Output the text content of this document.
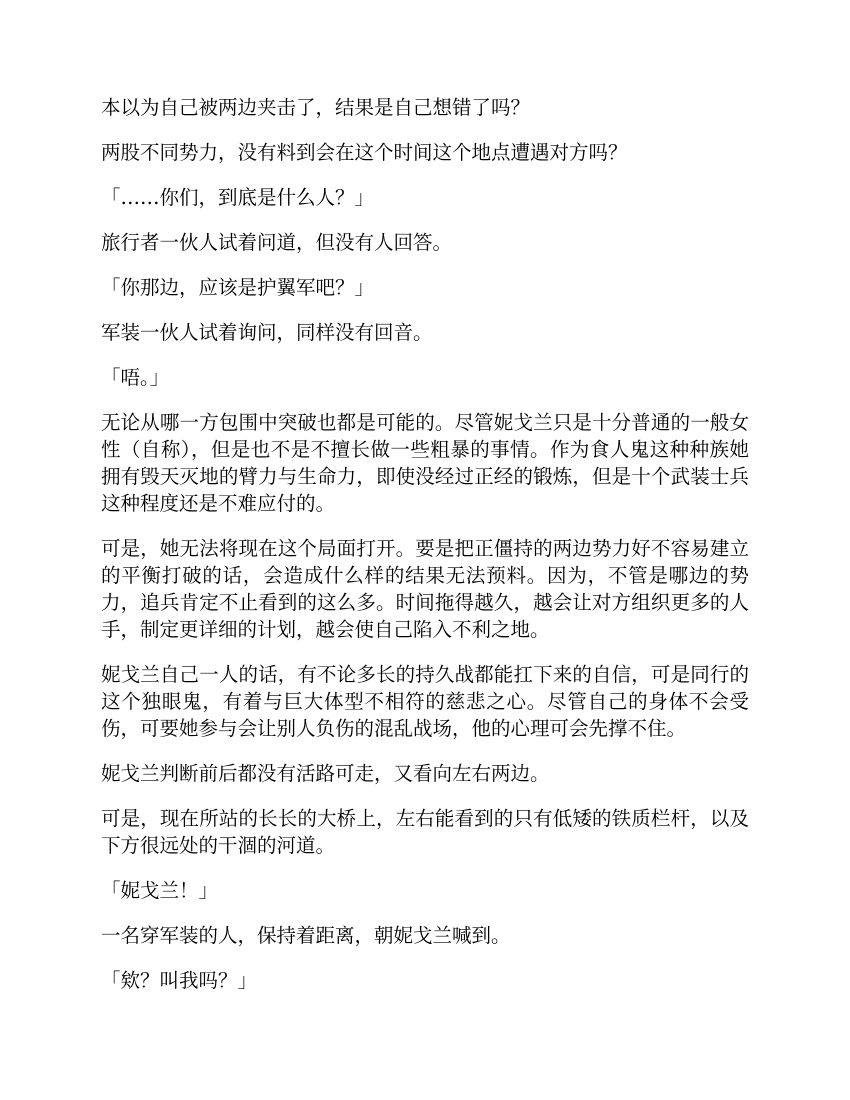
本以为自己被两边夹击了，结果是自己想错了吗？

两股不同势力，没有料到会在这个时间这个地点遭遇对方吗？

「……你们，到底是什么人？」

旅行者一伙人试着问道，但没有人回答。

「你那边，应该是护翼军吧？」

军装一伙人试着询问，同样没有回音。

「唔。」

无论从哪一方包围中突破也都是可能的。尽管妮戈兰只是十分普通的一般女性（自称），但是也不是不擅长做一些粗暴的事情。作为食人鬼这种种族她拥有毁天灭地的臂力与生命力，即使没经过正经的锻炼，但是十个武装士兵这种程度还是不难应付的。

可是，她无法将现在这个局面打开。要是把正僵持的两边势力好不容易建立的平衡打破的话，会造成什么样的结果无法预料。因为，不管是哪边的势力，追兵肯定不止看到的这么多。时间拖得越久，越会让对方组织更多的人手，制定更详细的计划，越会使自己陷入不利之地。

妮戈兰自己一人的话，有不论多长的持久战都能扛下来的自信，可是同行的这个独眼鬼，有着与巨大体型不相符的慈悲之心。尽管自己的身体不会受伤，可要她参与会让别人负伤的混乱战场，他的心理可会先撑不住。

妮戈兰判断前后都没有活路可走，又看向左右两边。

可是，现在所站的长长的大桥上，左右能看到的只有低矮的铁质栏杆，以及下方很远处的干涸的河道。

「妮戈兰！」

一名穿军装的人，保持着距离，朝妮戈兰喊到。

「欸？叫我吗？」
